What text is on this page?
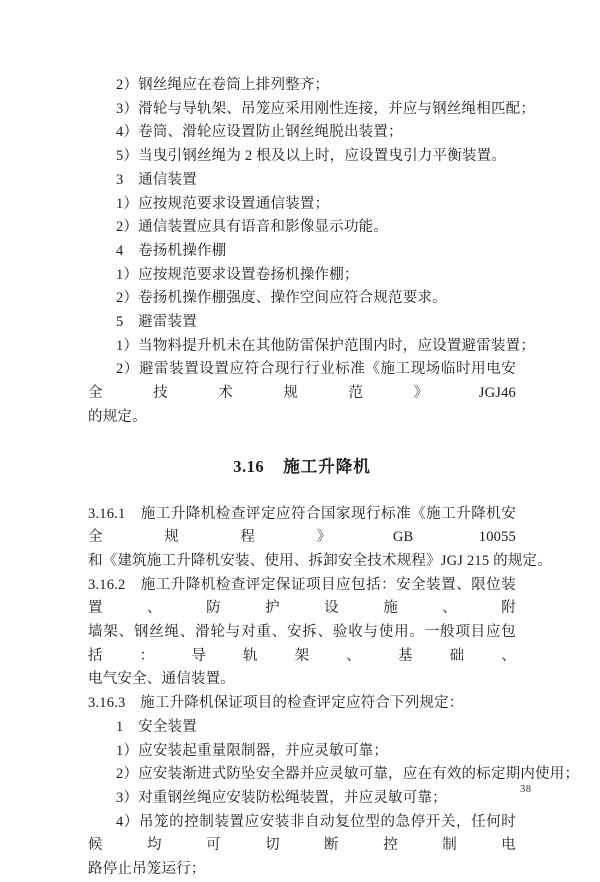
2）钢丝绳应在卷筒上排列整齐；

3）滑轮与导轨架、吊笼应采用刚性连接，并应与钢丝绳相匹配；

4）卷筒、滑轮应设置防止钢丝绳脱出装置；

5）当曳引钢丝绳为 2 根及以上时，应设置曳引力平衡装置。

3　通信装置

1）应按规范要求设置通信装置；

2）通信装置应具有语音和影像显示功能。

4　卷扬机操作棚

1）应按规范要求设置卷扬机操作棚；

2）卷扬机操作棚强度、操作空间应符合规范要求。

5　避雷装置

1）当物料提升机未在其他防雷保护范围内时，应设置避雷装置；

2）避雷装置设置应符合现行行业标准《施工现场临时用电安全技术规范》JGJ46

的规定。

3.16 施工升降机

3.16.1　施工升降机检查评定应符合国家现行标准《施工升降机安全规程》GB 10055

和《建筑施工升降机安装、使用、拆卸安全技术规程》JGJ 215 的规定。

3.16.2　施工升降机检查评定保证项目应包括：安全装置、限位装置、防护设施、附

墙架、钢丝绳、滑轮与对重、安拆、验收与使用。一般项目应包括：导轨架、基础、

电气安全、通信装置。

3.16.3　施工升降机保证项目的检查评定应符合下列规定：

1　安全装置

1）应安装起重量限制器，并应灵敏可靠；

2）应安装渐进式防坠安全器并应灵敏可靠，应在有效的标定期内使用；

3）对重钢丝绳应安装防松绳装置，并应灵敏可靠；

4）吊笼的控制装置应安装非自动复位型的急停开关，任何时候均可切断控制电

路停止吊笼运行；

38
